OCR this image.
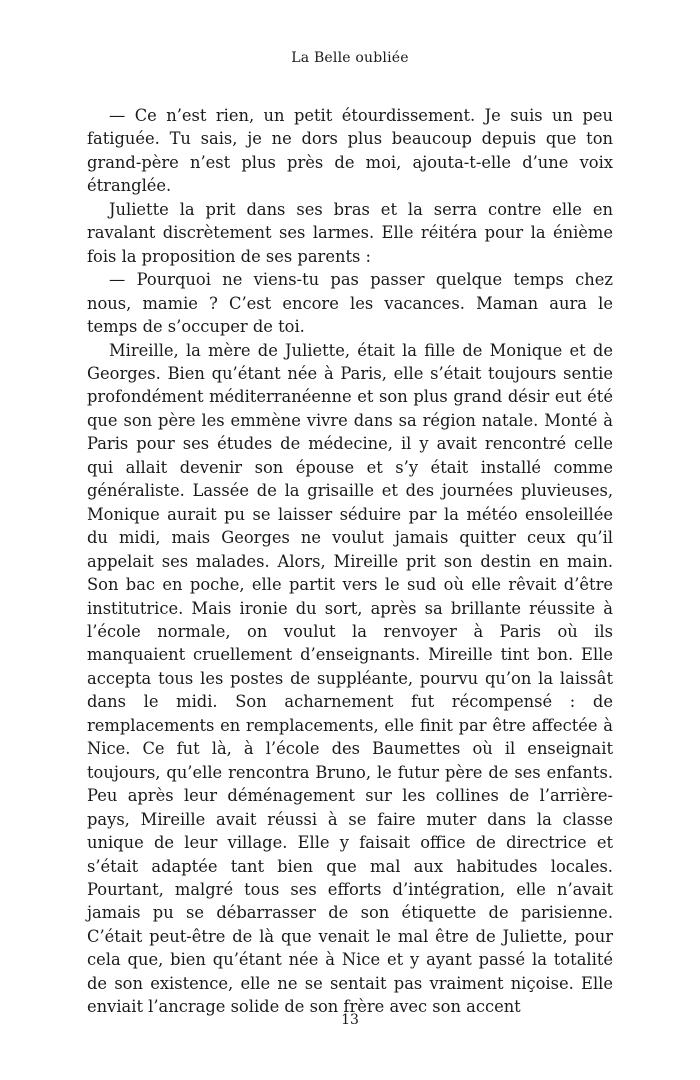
La Belle oubliée

— Ce n’est rien, un petit étourdissement. Je suis un peu fatiguée. Tu sais, je ne dors plus beaucoup depuis que ton grand-père n’est plus près de moi, ajouta-t-elle d’une voix étranglée.

Juliette la prit dans ses bras et la serra contre elle en ravalant discrètement ses larmes. Elle réitéra pour la énième fois la proposition de ses parents :

— Pourquoi ne viens-tu pas passer quelque temps chez nous, mamie ? C’est encore les vacances. Maman aura le temps de s’occuper de toi.

Mireille, la mère de Juliette, était la fille de Monique et de Georges. Bien qu’étant née à Paris, elle s’était toujours sentie profondément méditerranéenne et son plus grand désir eut été que son père les emmène vivre dans sa région natale. Monté à Paris pour ses études de médecine, il y avait rencontré celle qui allait devenir son épouse et s’y était installé comme généraliste. Lassée de la grisaille et des journées pluvieuses, Monique aurait pu se laisser séduire par la météo ensoleillée du midi, mais Georges ne voulut jamais quitter ceux qu’il appelait ses malades. Alors, Mireille prit son destin en main. Son bac en poche, elle partit vers le sud où elle rêvait d’être institutrice. Mais ironie du sort, après sa brillante réussite à l’école normale, on voulut la renvoyer à Paris où ils manquaient cruellement d’enseignants. Mireille tint bon. Elle accepta tous les postes de suppléante, pourvu qu’on la laissât dans le midi. Son acharnement fut récompensé : de remplacements en remplacements, elle finit par être affectée à Nice. Ce fut là, à l’école des Baumettes où il enseignait toujours, qu’elle rencontra Bruno, le futur père de ses enfants. Peu après leur déménagement sur les collines de l’arrière-pays, Mireille avait réussi à se faire muter dans la classe unique de leur village. Elle y faisait office de directrice et s’était adaptée tant bien que mal aux habitudes locales. Pourtant, malgré tous ses efforts d’intégration, elle n’avait jamais pu se débarrasser de son étiquette de parisienne. C’était peut-être de là que venait le mal être de Juliette, pour cela que, bien qu’étant née à Nice et y ayant passé la totalité de son existence, elle ne se sentait pas vraiment niçoise. Elle enviait l’ancrage solide de son frère avec son accent

13
